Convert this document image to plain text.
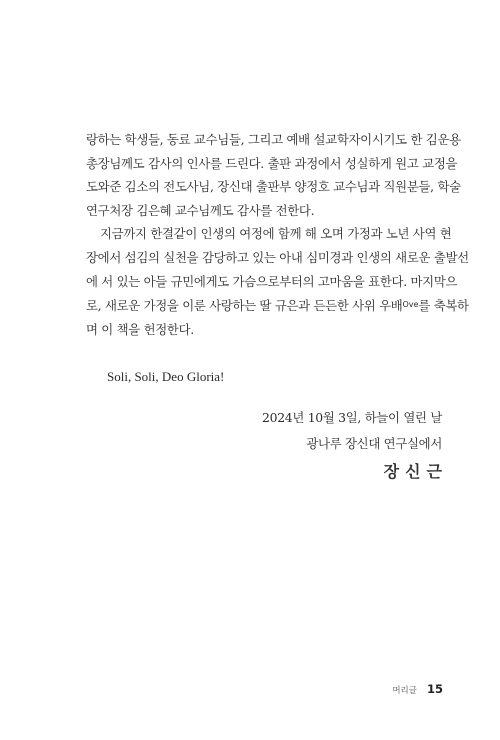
랑하는 학생들, 동료 교수님들, 그리고 예배 설교학자이시기도 한 김운용
총장님께도 감사의 인사를 드린다. 출판 과정에서 성실하게 원고 교정을
도와준 김소의 전도사님, 장신대 출판부 양정호 교수님과 직원분들, 학술
연구처장 김은혜 교수님께도 감사를 전한다.

지금까지 한결같이 인생의 여정에 함께 해 오며 가정과 노년 사역 현
장에서 섬김의 실천을 감당하고 있는 아내 심미경과 인생의 새로운 출발선
에 서 있는 아들 규민에게도 가슴으로부터의 고마움을 표한다. 마지막으
로, 새로운 가정을 이룬 사랑하는 딸 규은과 든든한 사위 우배$^{Ove}$를 축복하
며 이 책을 헌정한다.

Soli, Soli, Deo Gloria!
2024년 10월 3일, 하늘이 열린 날
광나루 장신대 연구실에서
장신근
머리글 15
